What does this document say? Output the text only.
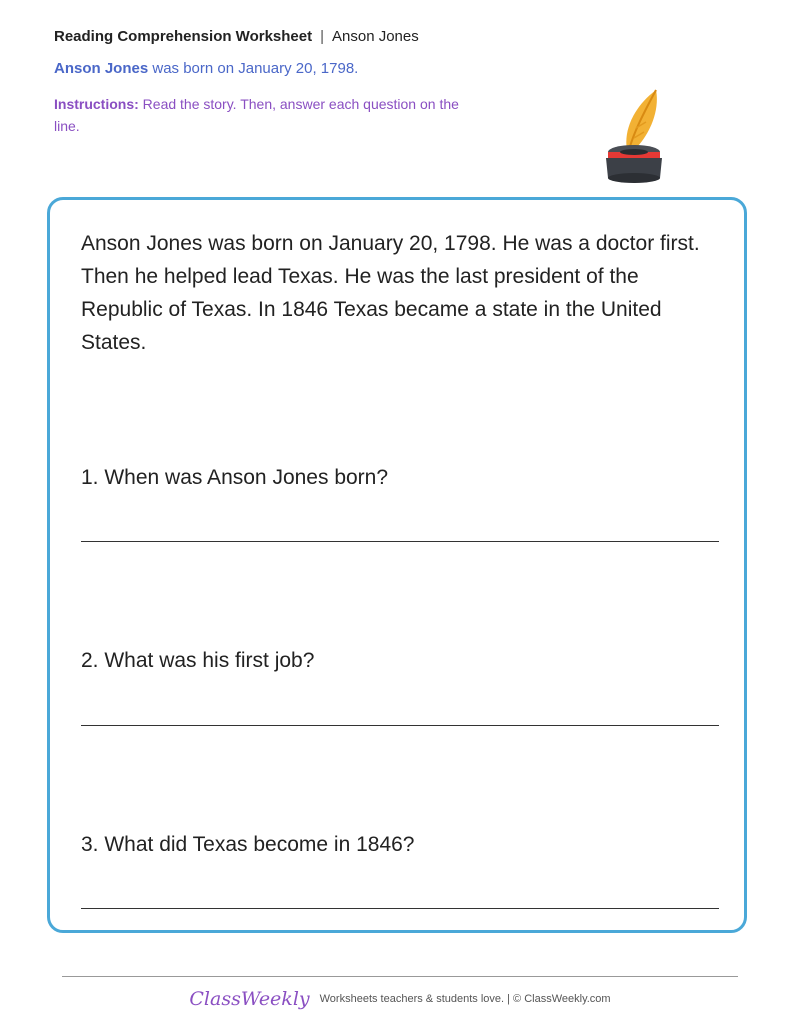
Reading Comprehension Worksheet | Anson Jones
Anson Jones was born on January 20, 1798.
Instructions: Read the story. Then, answer each question on the line.
Anson Jones was born on January 20, 1798. He was a doctor first. Then he helped lead Texas. He was the last president of the Republic of Texas. In 1846 Texas became a state in the United States.
1. When was Anson Jones born?
2. What was his first job?
3. What did Texas become in 1846?
ClassWeekly Worksheets teachers & students love. | © ClassWeekly.com
